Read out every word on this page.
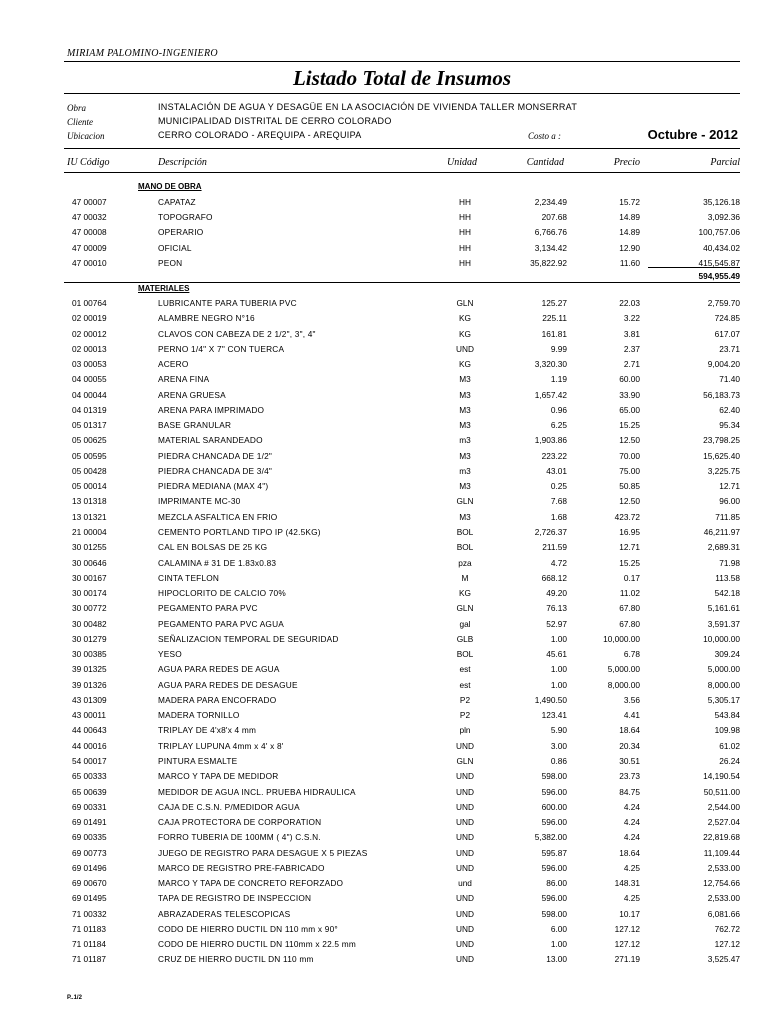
MIRIAM PALOMINO-INGENIERO
Listado Total de Insumos
Obra	INSTALACIÓN DE AGUA Y DESAGÜE EN LA ASOCIACIÓN DE VIVIENDA TALLER MONSERRAT
Cliente	MUNICIPALIDAD DISTRITAL DE CERRO COLORADO
Ubicacion	CERRO COLORADO - AREQUIPA - AREQUIPA	Costo a :	Octubre - 2012
IU Código	Descripción	Unidad	Cantidad	Precio	Parcial
MANO DE OBRA
47 00007	CAPATAZ	HH	2,234.49	15.72	35,126.18
47 00032	TOPOGRAFO	HH	207.68	14.89	3,092.36
47 00008	OPERARIO	HH	6,766.76	14.89	100,757.06
47 00009	OFICIAL	HH	3,134.42	12.90	40,434.02
47 00010	PEON	HH	35,822.92	11.60	415,545.87
594,955.49
MATERIALES
01 00764	LUBRICANTE PARA TUBERIA PVC	GLN	125.27	22.03	2,759.70
02 00019	ALAMBRE NEGRO N°16	KG	225.11	3.22	724.85
02 00012	CLAVOS CON CABEZA DE 2 1/2", 3", 4"	KG	161.81	3.81	617.07
02 00013	PERNO 1/4" X 7" CON TUERCA	UND	9.99	2.37	23.71
03 00053	ACERO	KG	3,320.30	2.71	9,004.20
04 00055	ARENA FINA	M3	1.19	60.00	71.40
04 00044	ARENA GRUESA	M3	1,657.42	33.90	56,183.73
04 01319	ARENA PARA IMPRIMADO	M3	0.96	65.00	62.40
05 01317	BASE GRANULAR	M3	6.25	15.25	95.34
05 00625	MATERIAL SARANDEADO	m3	1,903.86	12.50	23,798.25
05 00595	PIEDRA CHANCADA DE 1/2"	M3	223.22	70.00	15,625.40
05 00428	PIEDRA CHANCADA DE 3/4"	m3	43.01	75.00	3,225.75
05 00014	PIEDRA MEDIANA (MAX 4")	M3	0.25	50.85	12.71
13 01318	IMPRIMANTE MC-30	GLN	7.68	12.50	96.00
13 01321	MEZCLA ASFALTICA EN FRIO	M3	1.68	423.72	711.85
21 00004	CEMENTO PORTLAND TIPO IP (42.5KG)	BOL	2,726.37	16.95	46,211.97
30 01255	CAL EN BOLSAS DE 25 KG	BOL	211.59	12.71	2,689.31
30 00646	CALAMINA # 31 DE 1.83x0.83	pza	4.72	15.25	71.98
30 00167	CINTA TEFLON	M	668.12	0.17	113.58
30 00174	HIPOCLORITO DE CALCIO 70%	KG	49.20	11.02	542.18
30 00772	PEGAMENTO PARA PVC	GLN	76.13	67.80	5,161.61
30 00482	PEGAMENTO PARA PVC AGUA	gal	52.97	67.80	3,591.37
30 01279	SEÑALIZACION TEMPORAL DE SEGURIDAD	GLB	1.00	10,000.00	10,000.00
30 00385	YESO	BOL	45.61	6.78	309.24
39 01325	AGUA PARA REDES DE AGUA	est	1.00	5,000.00	5,000.00
39 01326	AGUA PARA REDES DE DESAGUE	est	1.00	8,000.00	8,000.00
43 01309	MADERA PARA ENCOFRADO	P2	1,490.50	3.56	5,305.17
43 00011	MADERA TORNILLO	P2	123.41	4.41	543.84
44 00643	TRIPLAY DE 4'x8'x 4 mm	pln	5.90	18.64	109.98
44 00016	TRIPLAY LUPUNA 4mm x 4' x 8'	UND	3.00	20.34	61.02
54 00017	PINTURA ESMALTE	GLN	0.86	30.51	26.24
65 00333	MARCO Y TAPA DE MEDIDOR	UND	598.00	23.73	14,190.54
65 00639	MEDIDOR DE AGUA INCL. PRUEBA HIDRAULICA	UND	596.00	84.75	50,511.00
69 00331	CAJA DE C.S.N. P/MEDIDOR AGUA	UND	600.00	4.24	2,544.00
69 01491	CAJA PROTECTORA DE CORPORATION	UND	596.00	4.24	2,527.04
69 00335	FORRO TUBERIA DE 100MM ( 4") C.S.N.	UND	5,382.00	4.24	22,819.68
69 00773	JUEGO DE REGISTRO PARA DESAGUE X 5 PIEZAS	UND	595.87	18.64	11,109.44
69 01496	MARCO DE REGISTRO PRE-FABRICADO	UND	596.00	4.25	2,533.00
69 00670	MARCO Y TAPA DE CONCRETO REFORZADO	und	86.00	148.31	12,754.66
69 01495	TAPA DE REGISTRO DE INSPECCION	UND	596.00	4.25	2,533.00
71 00332	ABRAZADERAS TELESCOPICAS	UND	598.00	10.17	6,081.66
71 01183	CODO DE HIERRO DUCTIL DN 110 mm x 90°	UND	6.00	127.12	762.72
71 01184	CODO DE HIERRO DUCTIL DN 110mm x 22.5 mm	UND	1.00	127.12	127.12
71 01187	CRUZ DE HIERRO DUCTIL DN 110 mm	UND	13.00	271.19	3,525.47
P..1/2
